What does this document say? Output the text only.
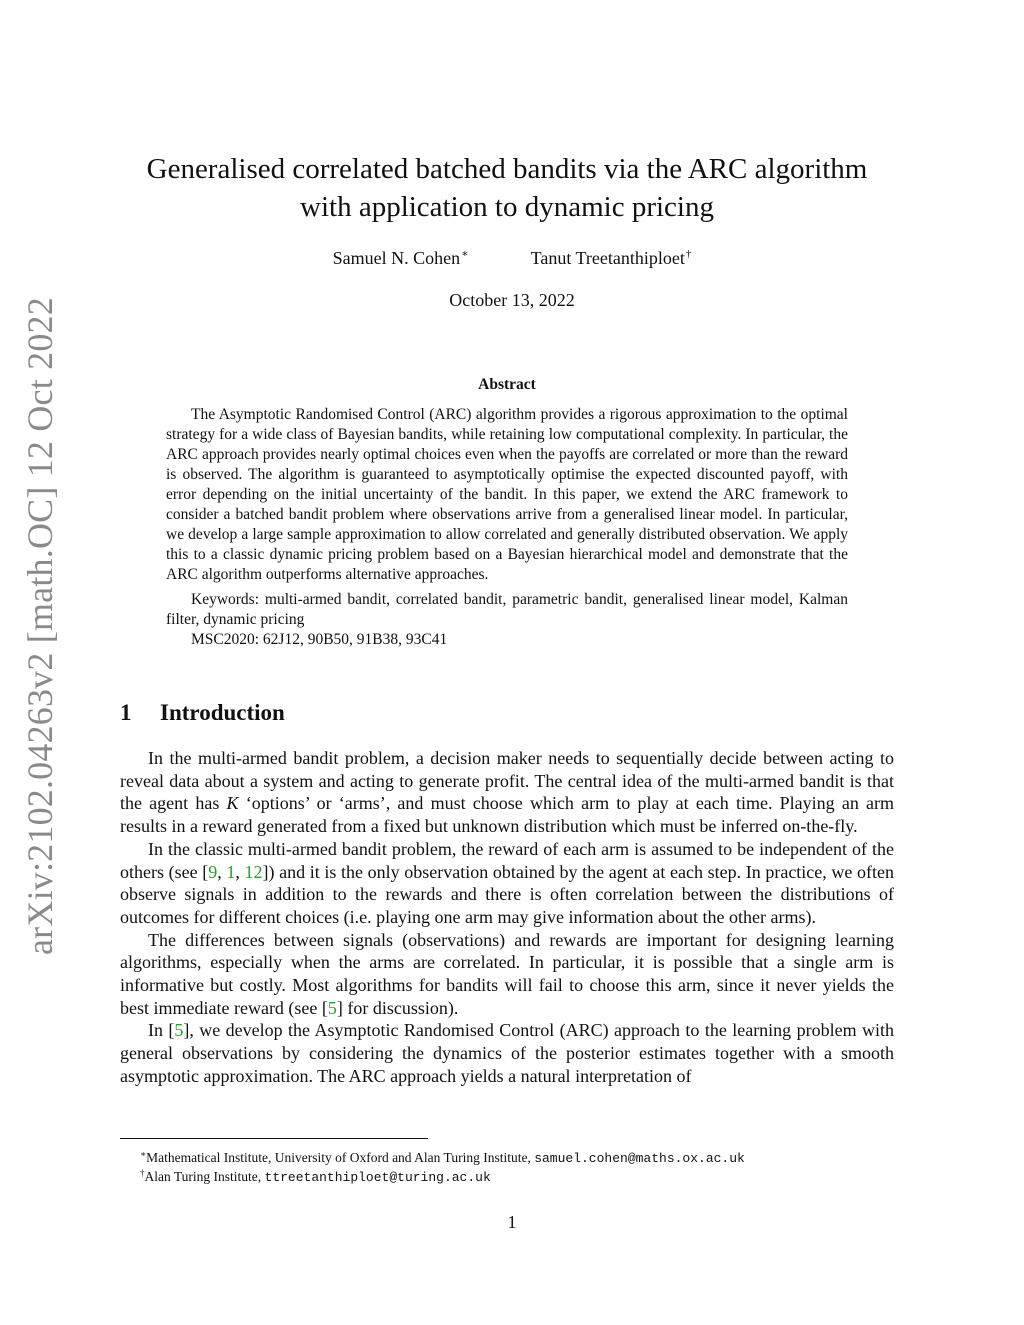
arXiv:2102.04263v2 [math.OC] 12 Oct 2022
Generalised correlated batched bandits via the ARC algorithm
with application to dynamic pricing
Samuel N. Cohen∗	Tanut Treetanthiploet†
October 13, 2022
Abstract

The Asymptotic Randomised Control (ARC) algorithm provides a rigorous approximation to the optimal strategy for a wide class of Bayesian bandits, while retaining low computational complexity. In particular, the ARC approach provides nearly optimal choices even when the payoffs are correlated or more than the reward is observed. The algorithm is guaranteed to asymptotically optimise the expected discounted payoff, with error depending on the initial uncertainty of the bandit. In this paper, we extend the ARC framework to consider a batched bandit problem where observations arrive from a generalised linear model. In particular, we develop a large sample approximation to allow correlated and generally distributed observation. We apply this to a classic dynamic pricing problem based on a Bayesian hierarchical model and demonstrate that the ARC algorithm outperforms alternative approaches.

Keywords: multi-armed bandit, correlated bandit, parametric bandit, generalised linear model, Kalman filter, dynamic pricing

MSC2020: 62J12, 90B50, 91B38, 93C41

1 Introduction

In the multi-armed bandit problem, a decision maker needs to sequentially decide between acting to reveal data about a system and acting to generate profit. The central idea of the multi-armed bandit is that the agent has K ‘options’ or ‘arms’, and must choose which arm to play at each time. Playing an arm results in a reward generated from a fixed but unknown distribution which must be inferred on-the-fly.

In the classic multi-armed bandit problem, the reward of each arm is assumed to be independent of the others (see [9, 1, 12]) and it is the only observation obtained by the agent at each step. In practice, we often observe signals in addition to the rewards and there is often correlation between the distributions of outcomes for different choices (i.e. playing one arm may give information about the other arms).

The differences between signals (observations) and rewards are important for designing learning algorithms, especially when the arms are correlated. In particular, it is possible that a single arm is informative but costly. Most algorithms for bandits will fail to choose this arm, since it never yields the best immediate reward (see [5] for discussion).

In [5], we develop the Asymptotic Randomised Control (ARC) approach to the learning problem with general observations by considering the dynamics of the posterior estimates together with a smooth asymptotic approximation. The ARC approach yields a natural interpretation of

∗Mathematical Institute, University of Oxford and Alan Turing Institute, samuel.cohen@maths.ox.ac.uk
†Alan Turing Institute, ttreetanthiploet@turing.ac.uk
1
